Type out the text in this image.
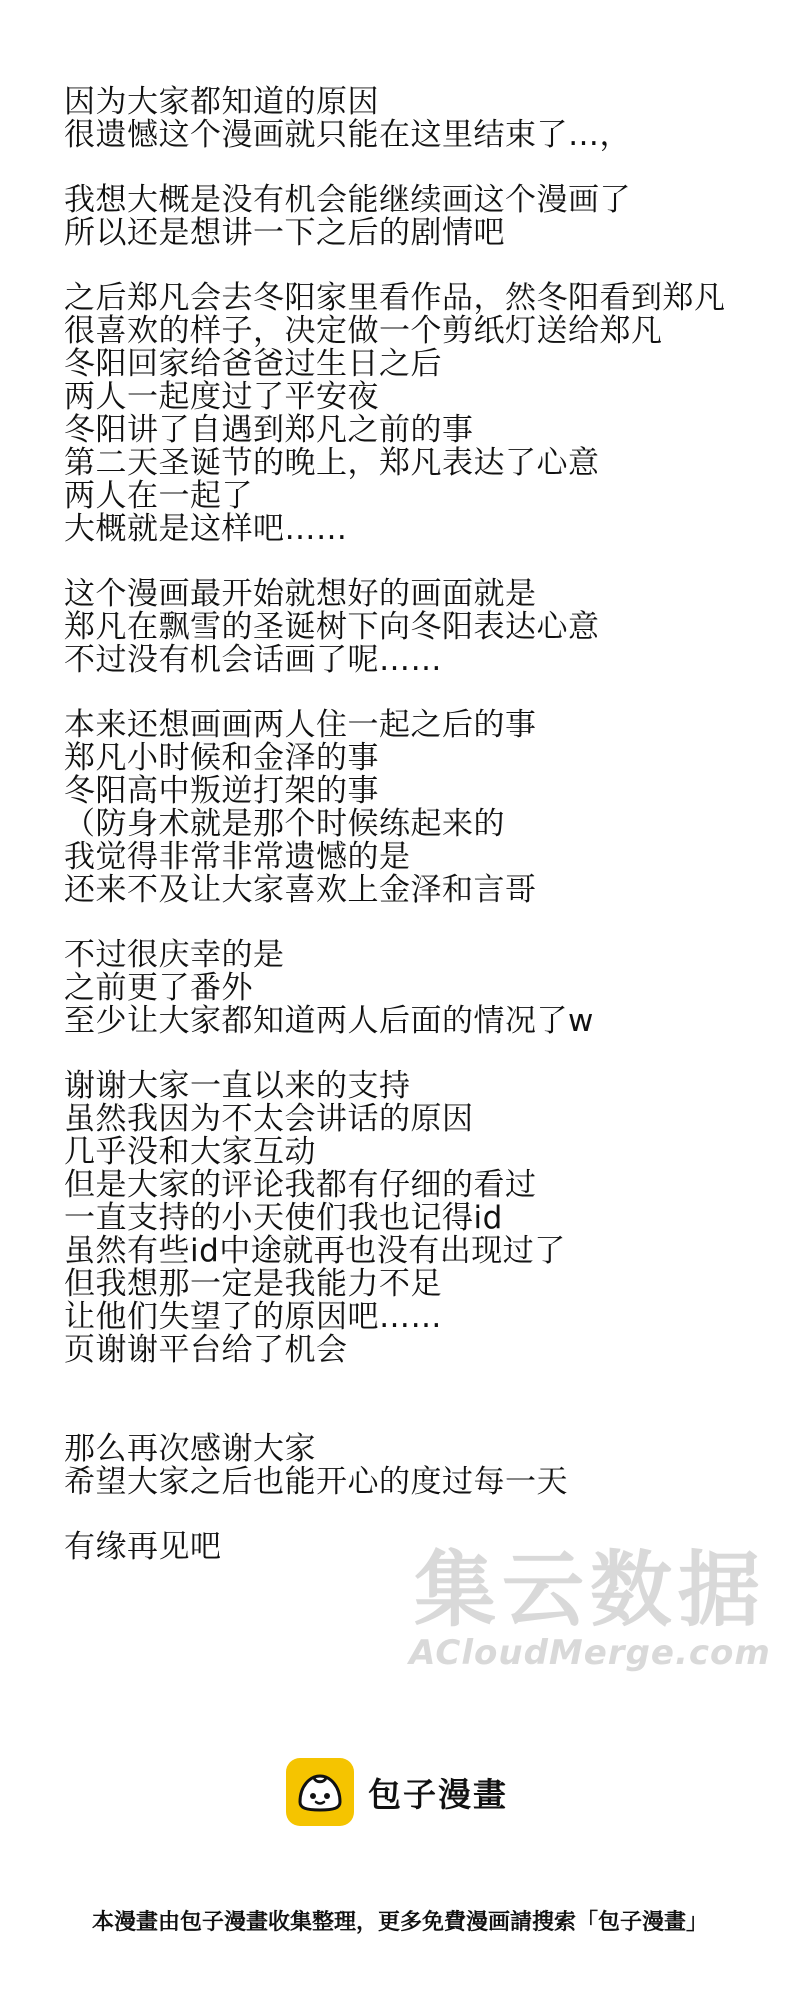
因为大家都知道的原因
很遗憾这个漫画就只能在这里结束了…，
我想大概是没有机会能继续画这个漫画了
所以还是想讲一下之后的剧情吧
之后郑凡会去冬阳家里看作品，然冬阳看到郑凡
很喜欢的样子，决定做一个剪纸灯送给郑凡
冬阳回家给爸爸过生日之后
两人一起度过了平安夜
冬阳讲了自遇到郑凡之前的事
第二天圣诞节的晚上，郑凡表达了心意
两人在一起了
大概就是这样吧……
这个漫画最开始就想好的画面就是
郑凡在飘雪的圣诞树下向冬阳表达心意
不过没有机会话画了呢……
本来还想画画两人住一起之后的事
郑凡小时候和金泽的事
冬阳高中叛逆打架的事
（防身术就是那个时候练起来的
我觉得非常非常遗憾的是
还来不及让大家喜欢上金泽和言哥
不过很庆幸的是
之前更了番外
至少让大家都知道两人后面的情况了w
谢谢大家一直以来的支持
虽然我因为不太会讲话的原因
几乎没和大家互动
但是大家的评论我都有仔细的看过
一直支持的小天使们我也记得id
虽然有些id中途就再也没有出现过了
但我想那一定是我能力不足
让他们失望了的原因吧……
页谢谢平台给了机会
那么再次感谢大家
希望大家之后也能开心的度过每一天
有缘再见吧	集云数据
ACloudMerge.com
包子漫畫
本漫畫由包子漫畫收集整理，更多免費漫画請搜索「包子漫畫」
